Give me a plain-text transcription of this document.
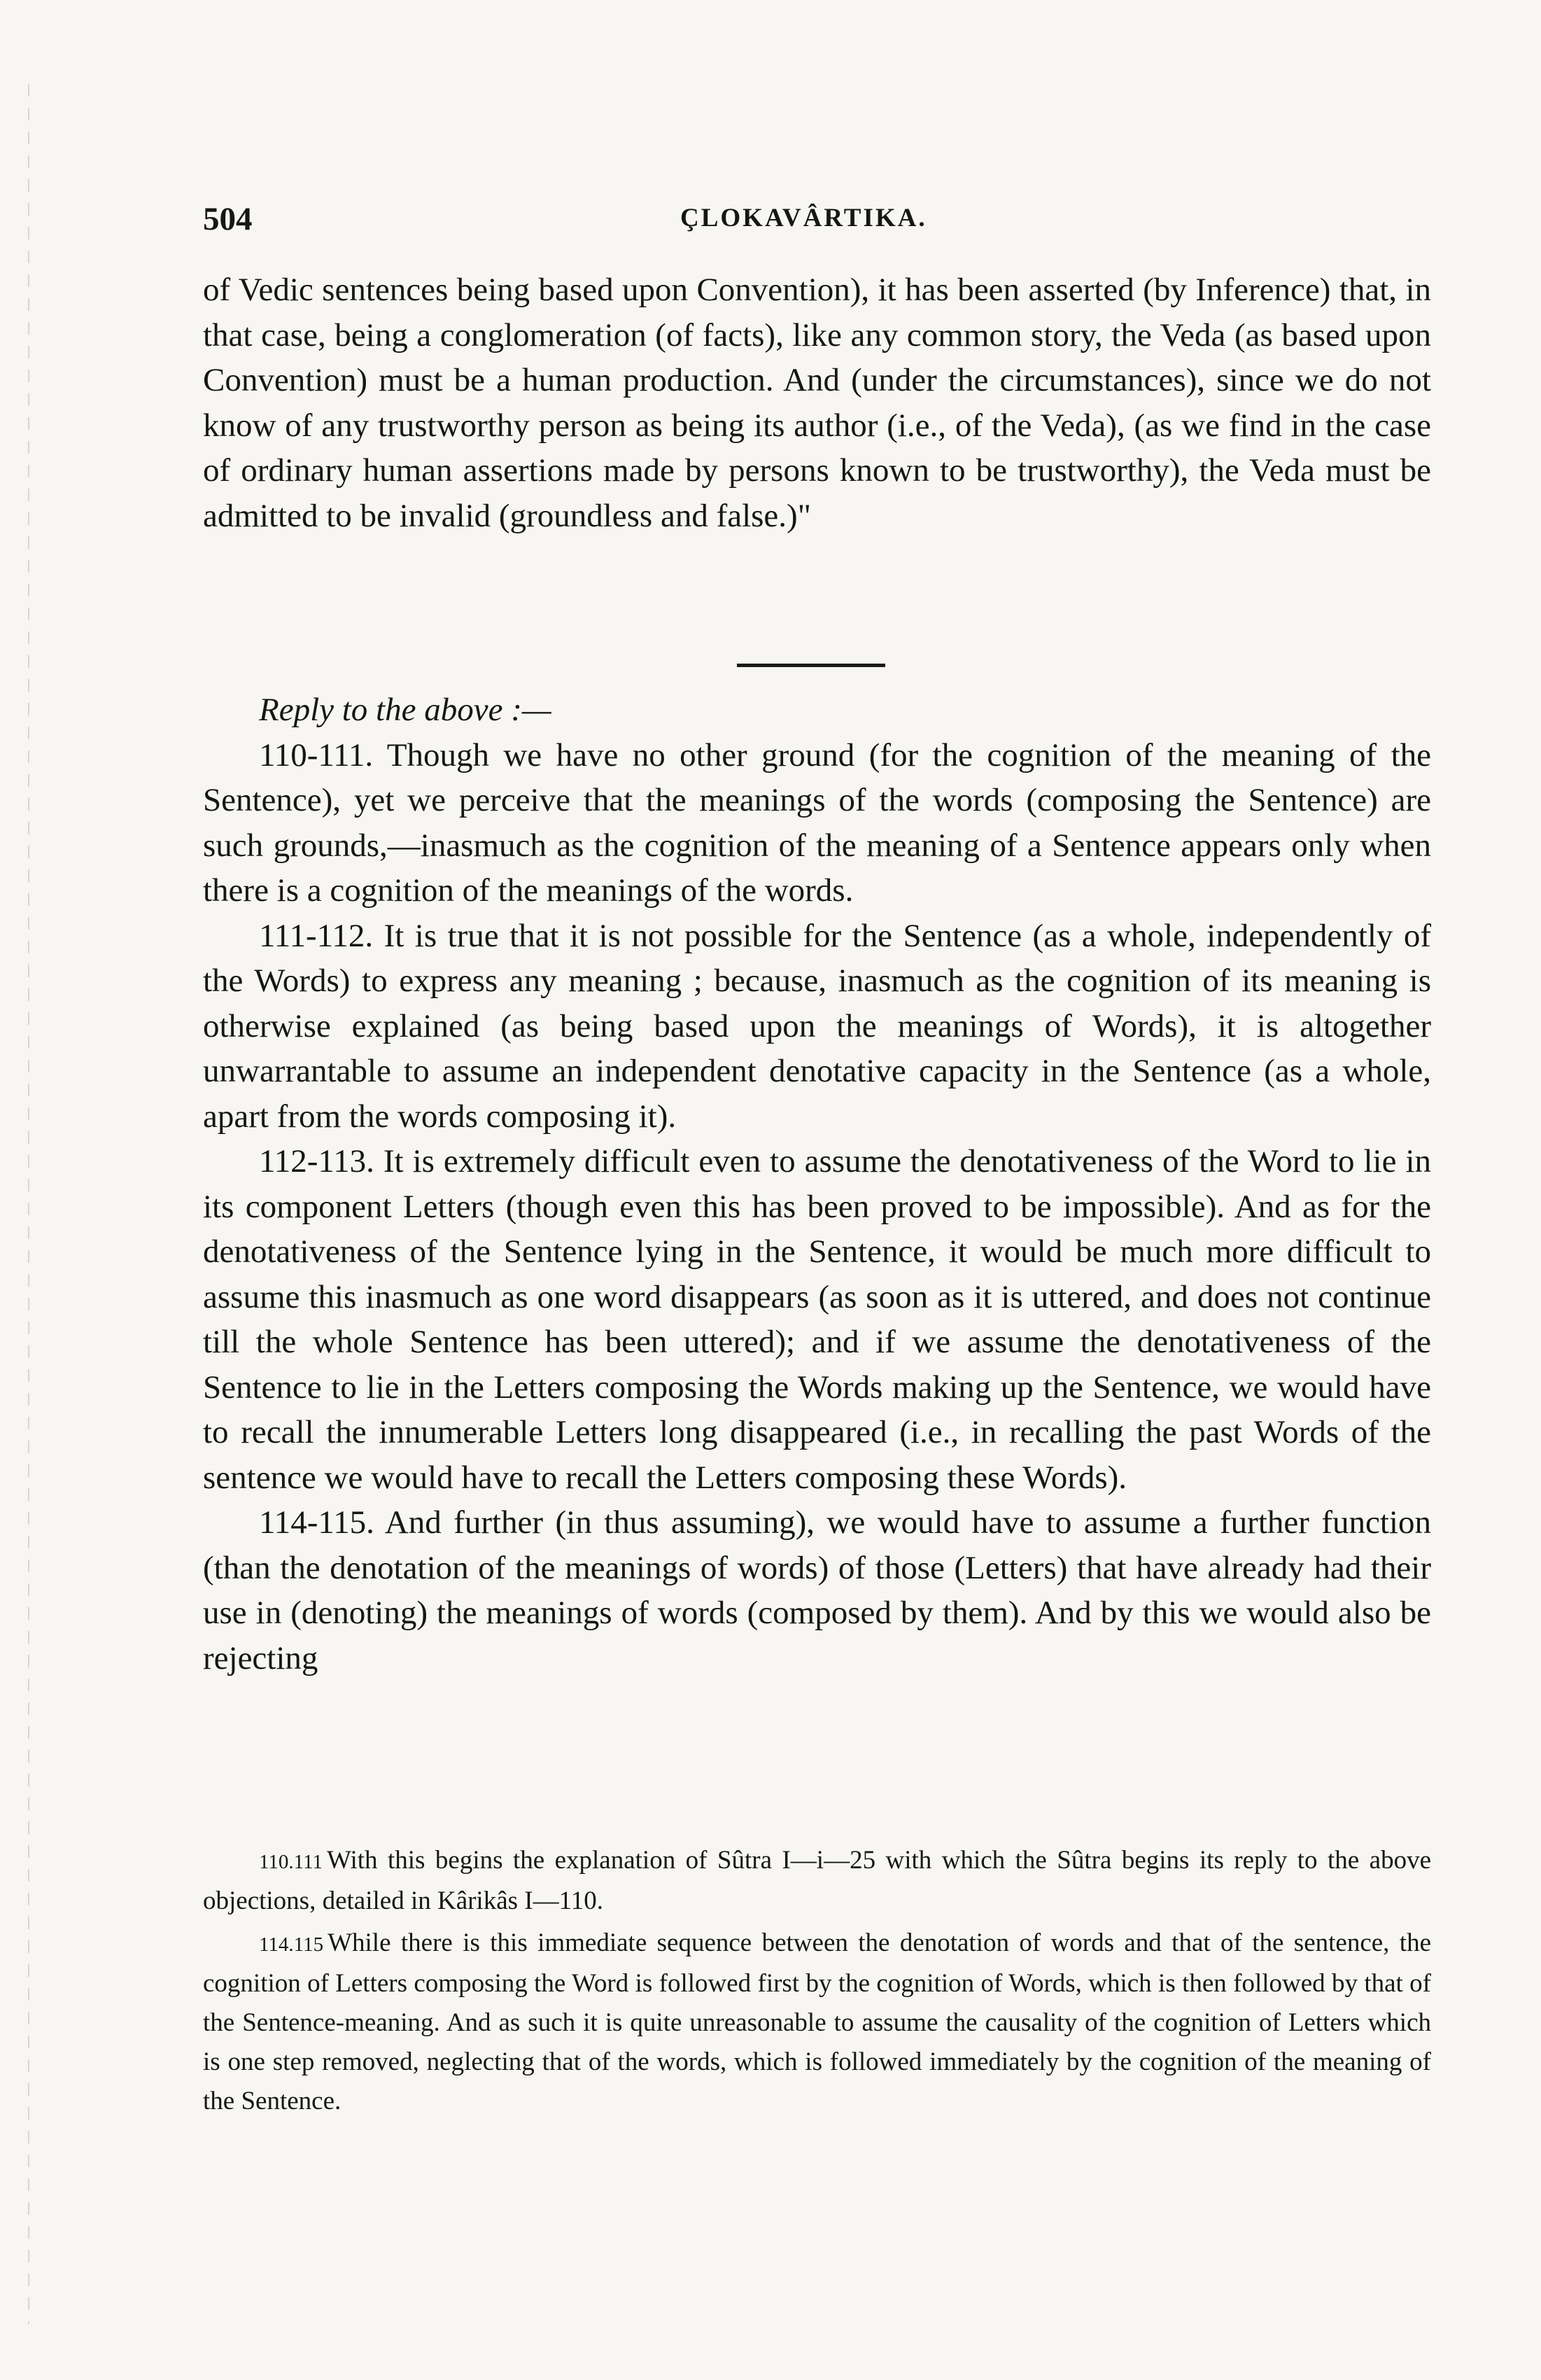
504	ÇLOKAVÂRTIKA.

of Vedic sentences being based upon Convention), it has been asserted (by Inference) that, in that case, being a conglomeration (of facts), like any common story, the Veda (as based upon Convention) must be a human production. And (under the circumstances), since we do not know of any trustworthy person as being its author (i.e., of the Veda), (as we find in the case of ordinary human assertions made by persons known to be trustworthy), the Veda must be admitted to be invalid (groundless and false.)"

Reply to the above :—

110-111. Though we have no other ground (for the cognition of the meaning of the Sentence), yet we perceive that the meanings of the words (composing the Sentence) are such grounds,—inasmuch as the cognition of the meaning of a Sentence appears only when there is a cognition of the meanings of the words.

111-112. It is true that it is not possible for the Sentence (as a whole, independently of the Words) to express any meaning ; because, inasmuch as the cognition of its meaning is otherwise explained (as being based upon the meanings of Words), it is altogether unwarrantable to assume an independent denotative capacity in the Sentence (as a whole, apart from the words composing it).

112-113. It is extremely difficult even to assume the denotativeness of the Word to lie in its component Letters (though even this has been proved to be impossible). And as for the denotativeness of the Sentence lying in the Sentence, it would be much more difficult to assume this inasmuch as one word disappears (as soon as it is uttered, and does not continue till the whole Sentence has been uttered); and if we assume the denotativeness of the Sentence to lie in the Letters composing the Words making up the Sentence, we would have to recall the innumerable Letters long disappeared (i.e., in recalling the past Words of the sentence we would have to recall the Letters composing these Words).

114-115. And further (in thus assuming), we would have to assume a further function (than the denotation of the meanings of words) of those (Letters) that have already had their use in (denoting) the meanings of words (composed by them). And by this we would also be rejecting

110.111 With this begins the explanation of Sûtra I—i—25 with which the Sûtra begins its reply to the above objections, detailed in Kârikâs I—110.

114.115 While there is this immediate sequence between the denotation of words and that of the sentence, the cognition of Letters composing the Word is followed first by the cognition of Words, which is then followed by that of the Sentence-meaning. And as such it is quite unreasonable to assume the causality of the cognition of Letters which is one step removed, neglecting that of the words, which is followed immediately by the cognition of the meaning of the Sentence.
